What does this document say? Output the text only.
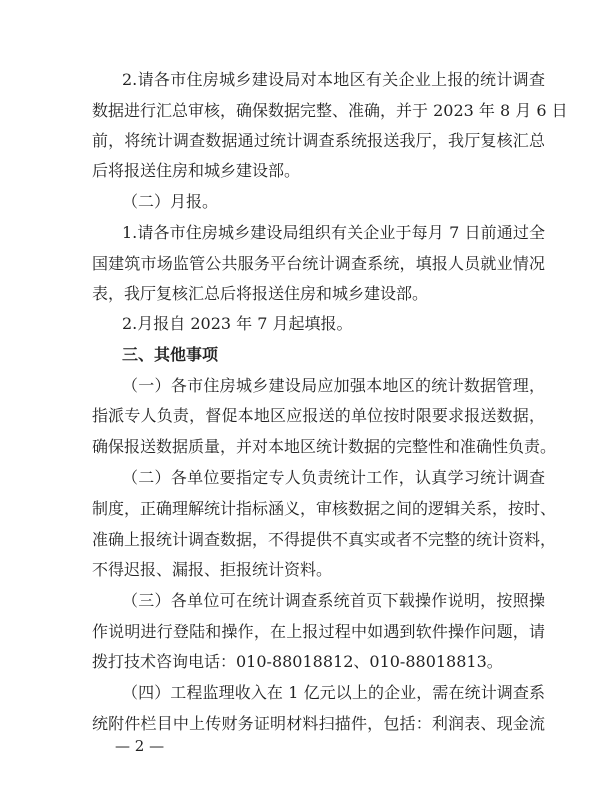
2.请各市住房城乡建设局对本地区有关企业上报的统计调查
数据进行汇总审核，确保数据完整、准确，并于 2023 年 8 月 6 日
前，将统计调查数据通过统计调查系统报送我厅，我厅复核汇总
后将报送住房和城乡建设部。
（二）月报。
1.请各市住房城乡建设局组织有关企业于每月 7 日前通过全
国建筑市场监管公共服务平台统计调查系统，填报人员就业情况
表，我厅复核汇总后将报送住房和城乡建设部。
2.月报自 2023 年 7 月起填报。
三、其他事项
（一）各市住房城乡建设局应加强本地区的统计数据管理，
指派专人负责，督促本地区应报送的单位按时限要求报送数据，
确保报送数据质量，并对本地区统计数据的完整性和准确性负责。
（二）各单位要指定专人负责统计工作，认真学习统计调查
制度，正确理解统计指标涵义，审核数据之间的逻辑关系，按时、
准确上报统计调查数据，不得提供不真实或者不完整的统计资料，
不得迟报、漏报、拒报统计资料。
（三）各单位可在统计调查系统首页下载操作说明，按照操
作说明进行登陆和操作，在上报过程中如遇到软件操作问题，请
拨打技术咨询电话：010-88018812、010-88018813。
（四）工程监理收入在 1 亿元以上的企业，需在统计调查系
统附件栏目中上传财务证明材料扫描件，包括：利润表、现金流
— 2 —
